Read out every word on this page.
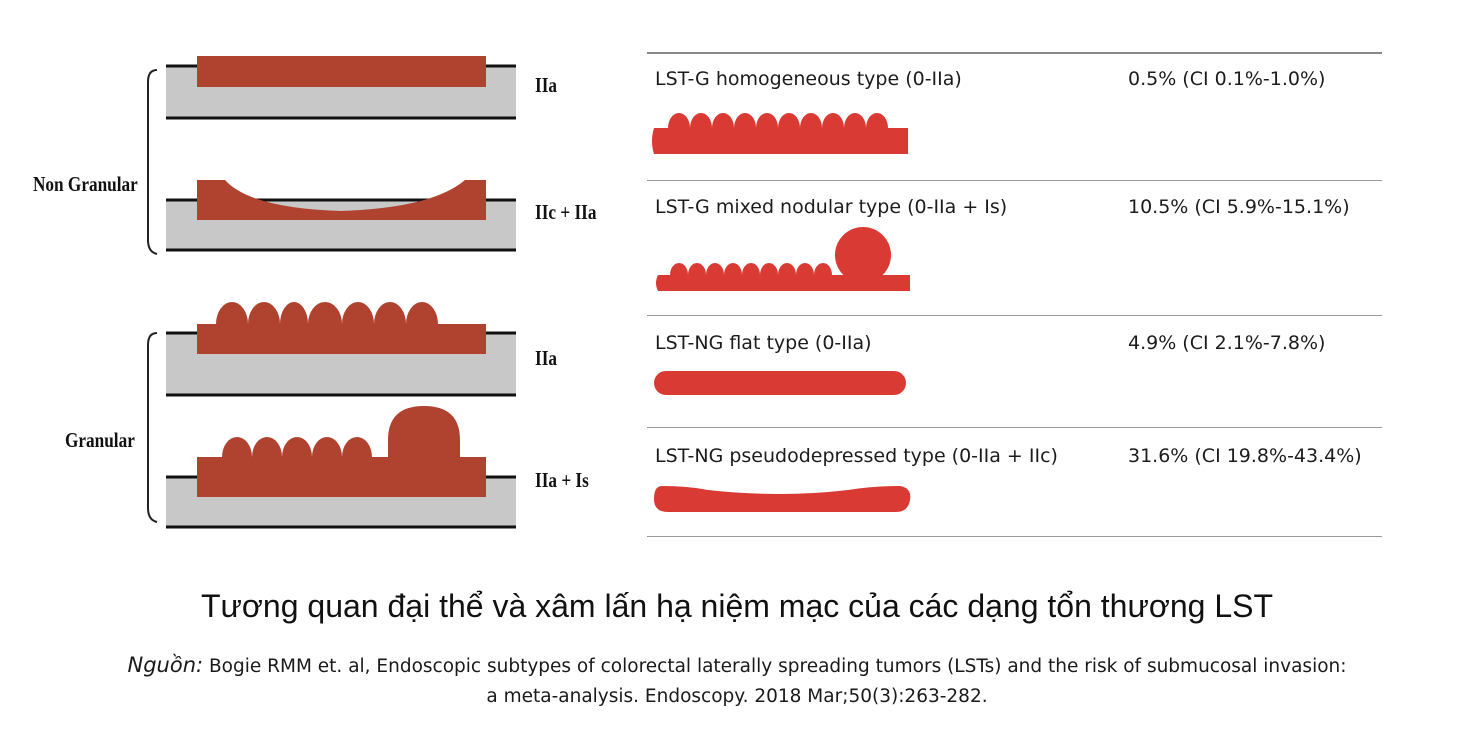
Non Granular
IIa
IIc + IIa
Granular
IIa
IIa + Is
LST-G homogeneous type (0-IIa)	0.5% (CI 0.1%-1.0%)
LST-G mixed nodular type (0-IIa + Is)	10.5% (CI 5.9%-15.1%)
LST-NG flat type (0-IIa)	4.9% (CI 2.1%-7.8%)
LST-NG pseudodepressed type (0-IIa + IIc)	31.6% (CI 19.8%-43.4%)
Tương quan đại thể và xâm lấn hạ niệm mạc của các dạng tổn thương LST
Nguồn: Bogie RMM et. al, Endoscopic subtypes of colorectal laterally spreading tumors (LSTs) and the risk of submucosal invasion:
a meta-analysis. Endoscopy. 2018 Mar;50(3):263-282.
